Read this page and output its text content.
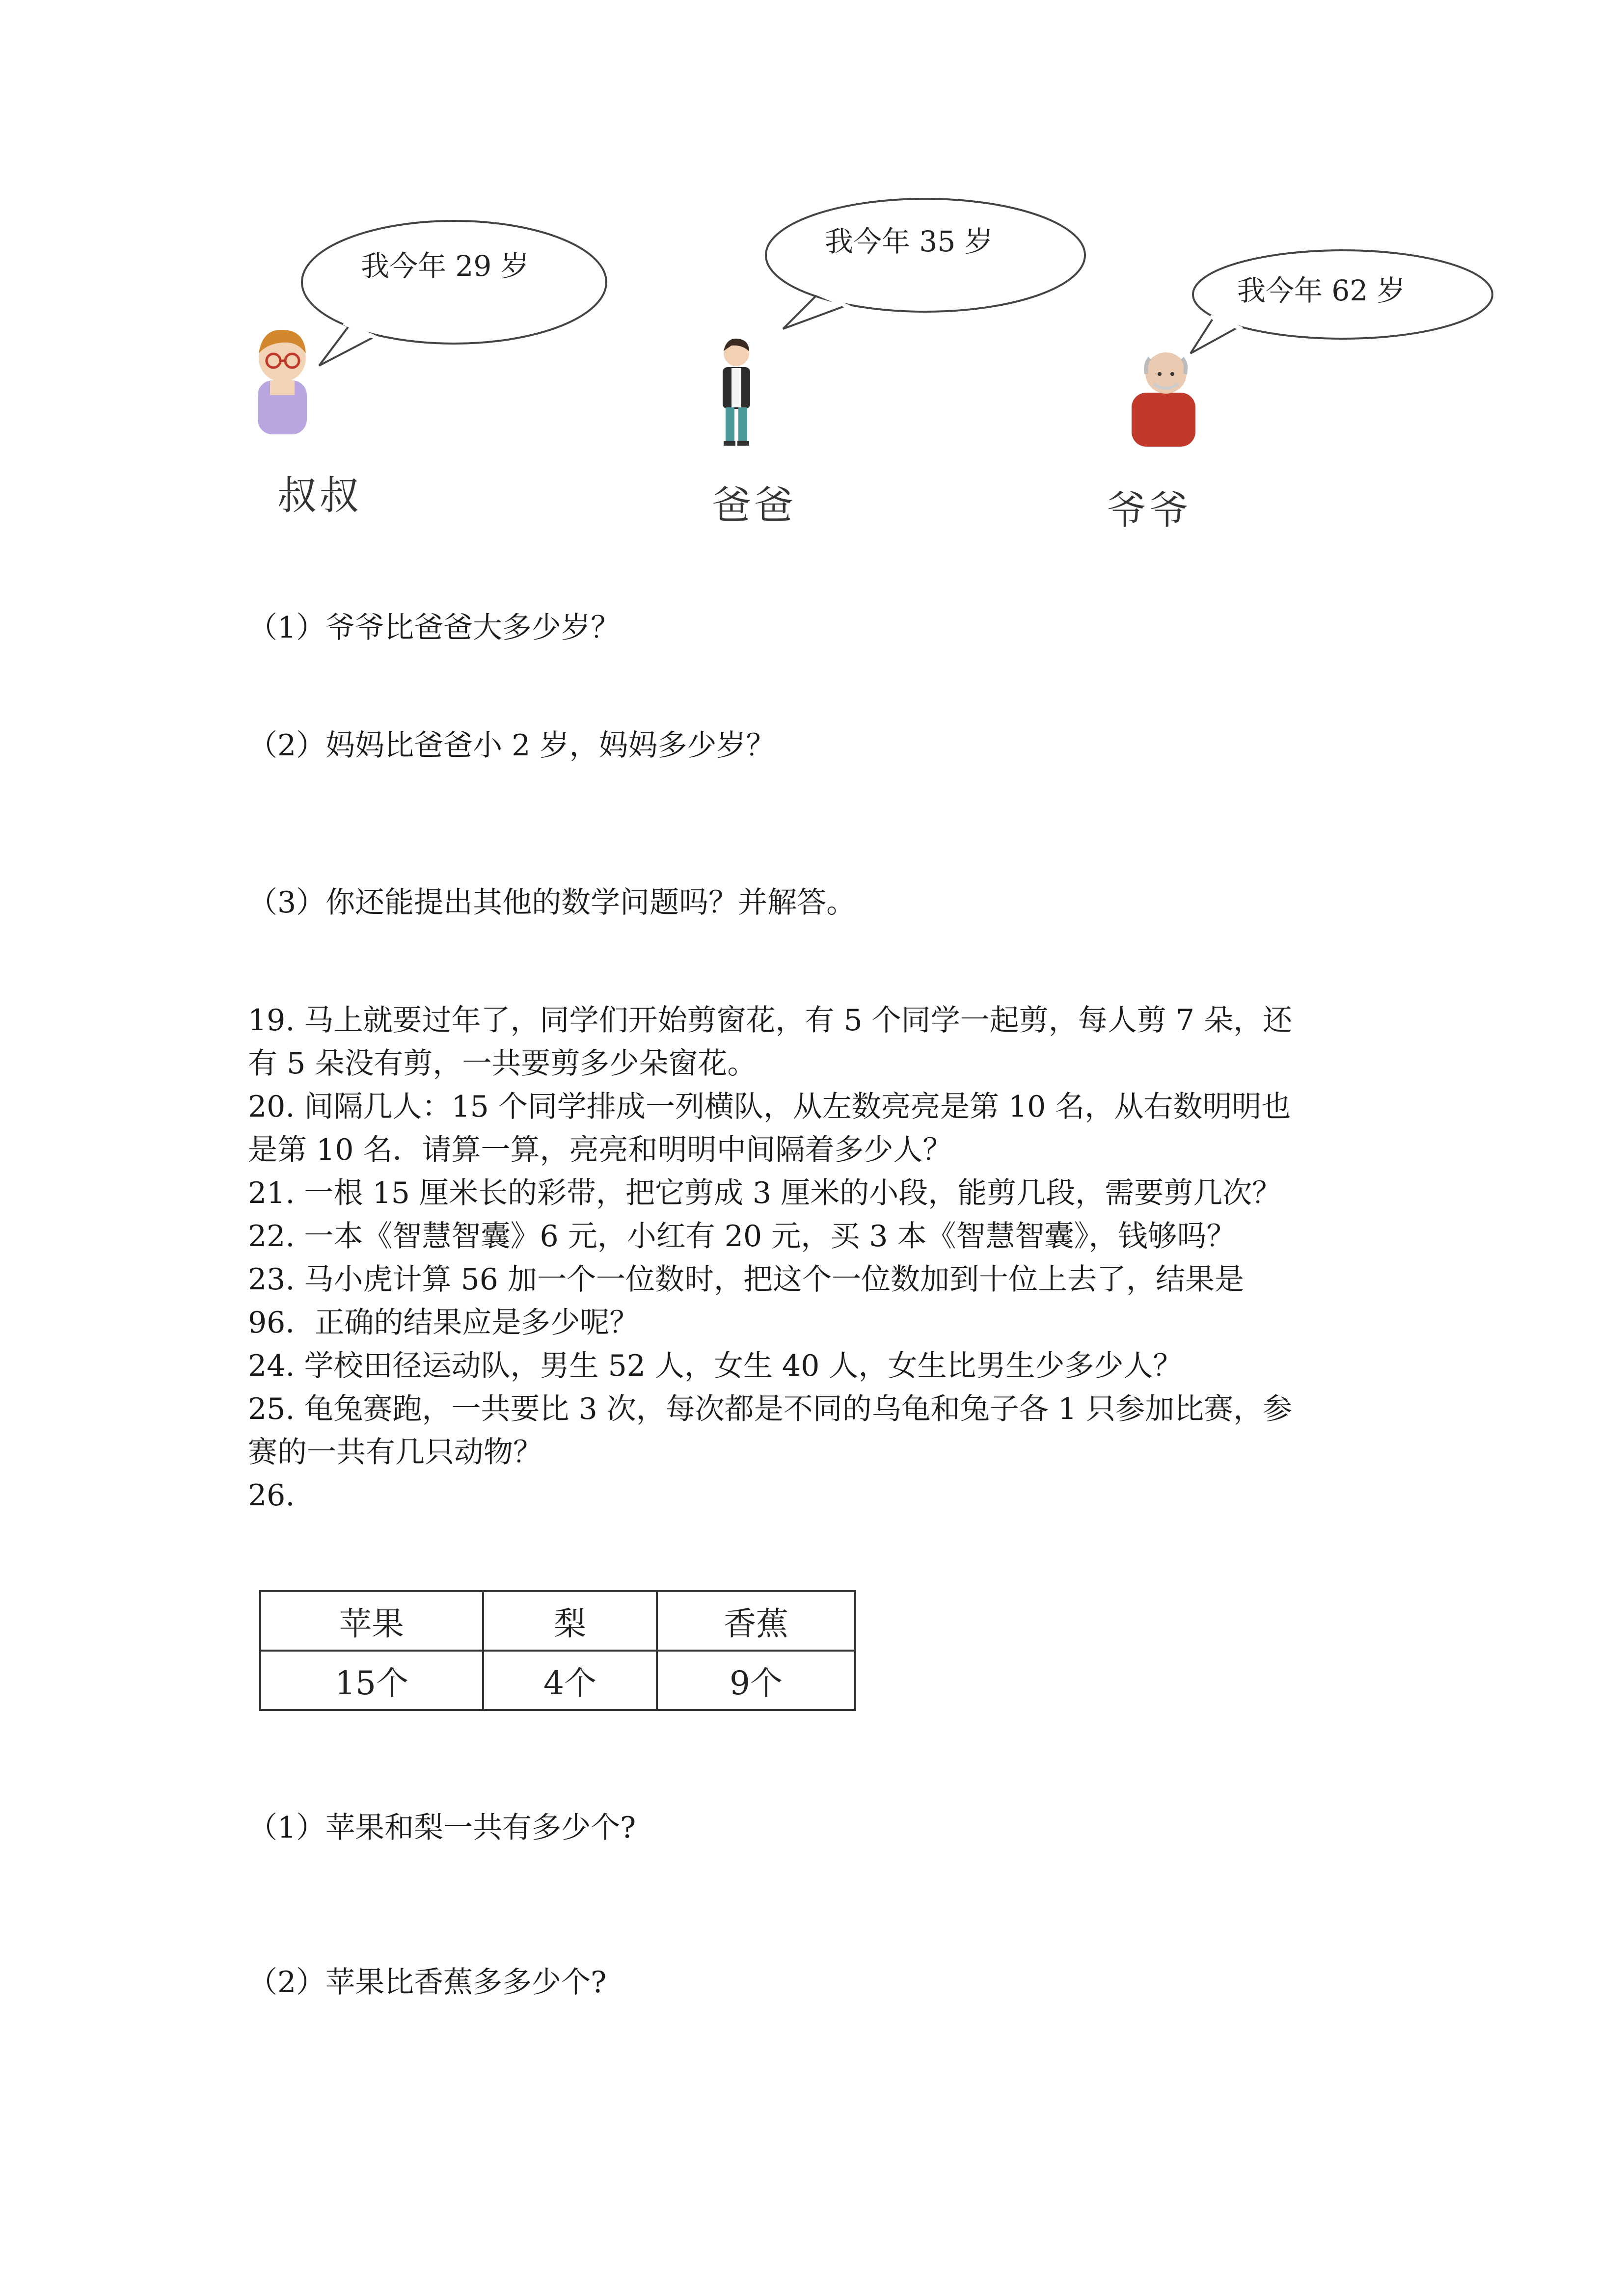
我今年 29 岁
我今年 35 岁
我今年 62 岁
叔叔	爸爸	爷爷
（1）爷爷比爸爸大多少岁？
（2）妈妈比爸爸小 2 岁，妈妈多少岁？
（3）你还能提出其他的数学问题吗？并解答。
19. 马上就要过年了，同学们开始剪窗花，有 5 个同学一起剪，每人剪 7 朵，还
有 5 朵没有剪，一共要剪多少朵窗花。
20. 间隔几人：15 个同学排成一列横队，从左数亮亮是第 10 名，从右数明明也
是第 10 名．请算一算，亮亮和明明中间隔着多少人？
21. 一根 15 厘米长的彩带，把它剪成 3 厘米的小段，能剪几段，需要剪几次？
22. 一本《智慧智囊》6 元，小红有 20 元，买 3 本《智慧智囊》，钱够吗？
23. 马小虎计算 56 加一个一位数时，把这个一位数加到十位上去了，结果是
96．正确的结果应是多少呢？
24. 学校田径运动队，男生 52 人，女生 40 人，女生比男生少多少人？
25. 龟兔赛跑，一共要比 3 次，每次都是不同的乌龟和兔子各 1 只参加比赛，参
赛的一共有几只动物？
26.
苹果	梨	香蕉
15个	4个	9个
（1）苹果和梨一共有多少个?
（2）苹果比香蕉多多少个?
